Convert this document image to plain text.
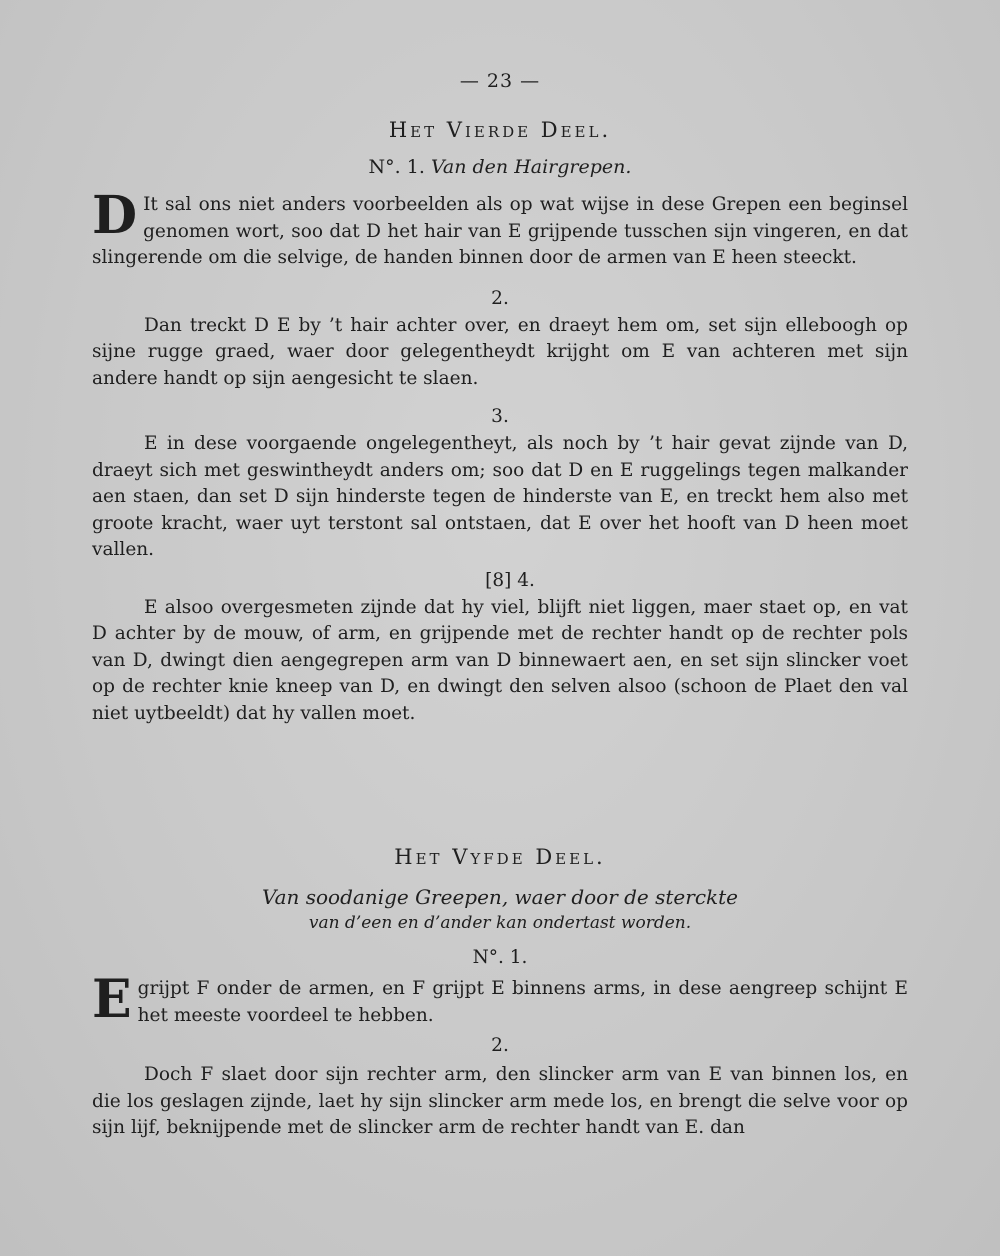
— 23 —
Het Vierde Deel.
N°. 1. Van den Hairgrepen.

D It sal ons niet anders voorbeelden als op wat wijse in dese Grepen een beginsel genomen wort, soo dat D het hair van E grijpende tusschen sijn vingeren, en dat slingerende om die selvige, de handen binnen door de armen van E heen steeckt.

2.

Dan treckt D E by ’t hair achter over, en draeyt hem om, set sijn elleboogh op sijne rugge graed, waer door gelegentheydt krijght om E van achteren met sijn andere handt op sijn aengesicht te slaen.

3.

E in dese voorgaende ongelegentheyt, als noch by ’t hair gevat zijnde van D, draeyt sich met geswintheydt anders om; soo dat D en E ruggelings tegen malkander aen staen, dan set D sijn hinderste tegen de hinderste van E, en treckt hem also met groote kracht, waer uyt terstont sal ontstaen, dat E over het hooft van D heen moet vallen.

[8] 4.

E alsoo overgesmeten zijnde dat hy viel, blijft niet liggen, maer staet op, en vat D achter by de mouw, of arm, en grijpende met de rechter handt op de rechter pols van D, dwingt dien aengegrepen arm van D binnewaert aen, en set sijn slincker voet op de rechter knie kneep van D, en dwingt den selven alsoo (schoon de Plaet den val niet uytbeeldt) dat hy vallen moet.

Het Vyfde Deel.
Van soodanige Greepen, waer door de sterckte
van d’een en d’ander kan ondertast worden.
N°. 1.

Egrijpt F onder de armen, en F grijpt E binnens arms, in dese aengreep schijnt E het meeste voordeel te hebben.

2.

Doch F slaet door sijn rechter arm, den slincker arm van E van binnen los, en die los geslagen zijnde, laet hy sijn slincker arm mede los, en brengt die selve voor op sijn lijf, beknijpende met de slincker arm de rechter handt van E. dan
